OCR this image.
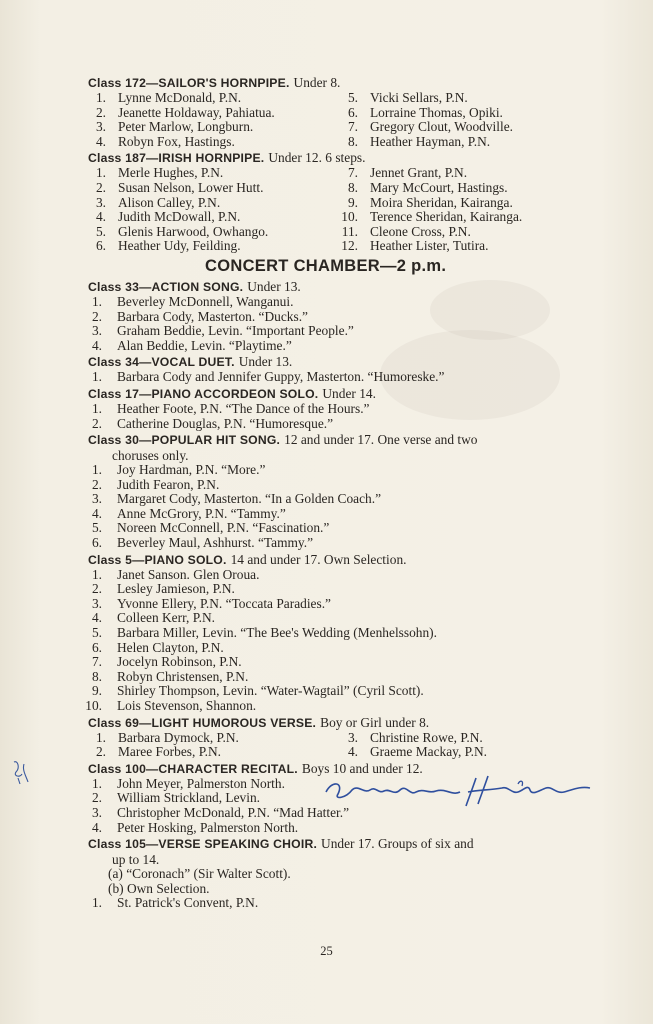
Class 172—SAILOR'S HORNPIPE. Under 8.
1. Lynne McDonald, P.N.	5. Vicki Sellars, P.N.
2. Jeanette Holdaway, Pahiatua.	6. Lorraine Thomas, Opiki.
3. Peter Marlow, Longburn.	7. Gregory Clout, Woodville.
4. Robyn Fox, Hastings.	8. Heather Hayman, P.N.
Class 187—IRISH HORNPIPE. Under 12. 6 steps.
1. Merle Hughes, P.N.	7. Jennet Grant, P.N.
2. Susan Nelson, Lower Hutt.	8. Mary McCourt, Hastings.
3. Alison Calley, P.N.	9. Moira Sheridan, Kairanga.
4. Judith McDowall, P.N.	10. Terence Sheridan, Kairanga.
5. Glenis Harwood, Owhango.	11. Cleone Cross, P.N.
6. Heather Udy, Feilding.	12. Heather Lister, Tutira.
CONCERT CHAMBER—2 p.m.
Class 33—ACTION SONG. Under 13.
1. Beverley McDonnell, Wanganui.
2. Barbara Cody, Masterton. “Ducks.”
3. Graham Beddie, Levin. “Important People.”
4. Alan Beddie, Levin. “Playtime.”
Class 34—VOCAL DUET. Under 13.
1. Barbara Cody and Jennifer Guppy, Masterton. “Humoreske.”
Class 17—PIANO ACCORDEON SOLO. Under 14.
1. Heather Foote, P.N. “The Dance of the Hours.”
2. Catherine Douglas, P.N. “Humoresque.”
Class 30—POPULAR HIT SONG. 12 and under 17. One verse and two
choruses only.
1. Joy Hardman, P.N. “More.”
2. Judith Fearon, P.N.
3. Margaret Cody, Masterton. “In a Golden Coach.”
4. Anne McGrory, P.N. “Tammy.”
5. Noreen McConnell, P.N. “Fascination.”
6. Beverley Maul, Ashhurst. “Tammy.”
Class 5—PIANO SOLO. 14 and under 17. Own Selection.
1. Janet Sanson. Glen Oroua.
2. Lesley Jamieson, P.N.
3. Yvonne Ellery, P.N. “Toccata Paradies.”
4. Colleen Kerr, P.N.
5. Barbara Miller, Levin. “The Bee's Wedding (Menhelssohn).
6. Helen Clayton, P.N.
7. Jocelyn Robinson, P.N.
8. Robyn Christensen, P.N.
9. Shirley Thompson, Levin. “Water-Wagtail” (Cyril Scott).
10. Lois Stevenson, Shannon.
Class 69—LIGHT HUMOROUS VERSE. Boy or Girl under 8.
1. Barbara Dymock, P.N.	3. Christine Rowe, P.N.
2. Maree Forbes, P.N.	4. Graeme Mackay, P.N.
Class 100—CHARACTER RECITAL. Boys 10 and under 12.
1. John Meyer, Palmerston North.
2. William Strickland, Levin.
3. Christopher McDonald, P.N. “Mad Hatter.”
4. Peter Hosking, Palmerston North.
Class 105—VERSE SPEAKING CHOIR. Under 17. Groups of six and
up to 14.
(a) “Coronach” (Sir Walter Scott).
(b) Own Selection.
1. St. Patrick's Convent, P.N.
25
